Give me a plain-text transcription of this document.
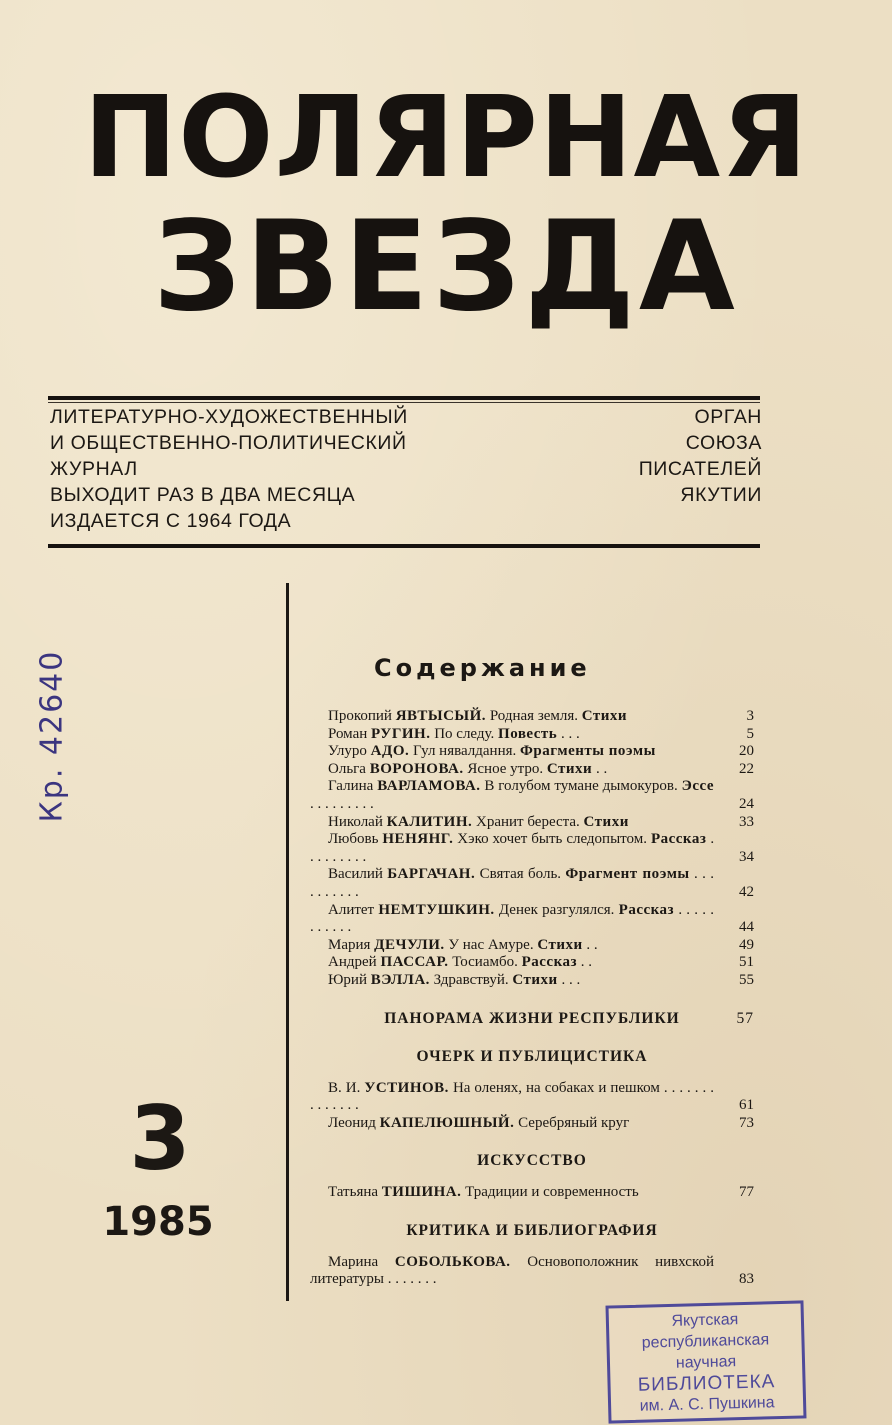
ПОЛЯРНАЯ
ЗВЕЗДА
ЛИТЕРАТУРНО-ХУДОЖЕСТВЕННЫЙ
И ОБЩЕСТВЕННО-ПОЛИТИЧЕСКИЙ
ЖУРНАЛ
ВЫХОДИТ РАЗ В ДВА МЕСЯЦА
ИЗДАЕТСЯ С 1964 ГОДА
ОРГАН
СОЮЗА
ПИСАТЕЛЕЙ
ЯКУТИИ
Кр. 42640
3
1985
Содержание
Прокопий ЯВТЫСЫЙ. Родная земля. Стихи	3
Роман РУГИН. По следу. Повесть . . .	5
Улуро АДО. Гул нявалдання. Фрагменты поэмы	20
Ольга ВОРОНОВА. Ясное утро. Стихи . .	22
Галина ВАРЛАМОВА. В голубом тумане дымокуров. Эссе . . . . . . . . .	24
Николай КАЛИТИН. Хранит береста. Стихи	33
Любовь НЕНЯНГ. Хэко хочет быть следопытом. Рассказ . . . . . . . . .	34
Василий БАРГАЧАН. Святая боль. Фрагмент поэмы . . . . . . . . . .	42
Алитет НЕМТУШКИН. Денек разгулялся. Рассказ . . . . . . . . . . .	44
Мария ДЕЧУЛИ. У нас Амуре. Стихи . .	49
Андрей ПАССАР. Тосиамбо. Рассказ . .	51
Юрий ВЭЛЛА. Здравствуй. Стихи . . .	55
ПАНОРАМА ЖИЗНИ РЕСПУБЛИКИ	57
ОЧЕРК И ПУБЛИЦИСТИКА
В. И. УСТИНОВ. На оленях, на собаках и пешком . . . . . . . . . . . . . .	61
Леонид КАПЕЛЮШНЫЙ. Серебряный круг	73
ИСКУССТВО
Татьяна ТИШИНА. Традиции и современность	77
КРИТИКА И БИБЛИОГРАФИЯ
Марина СОБОЛЬКОВА. Основоположник нивхской литературы . . . . . . .	83
Якутская
республиканская
научная
БИБЛИОТЕКА
им. А. С. Пушкина
